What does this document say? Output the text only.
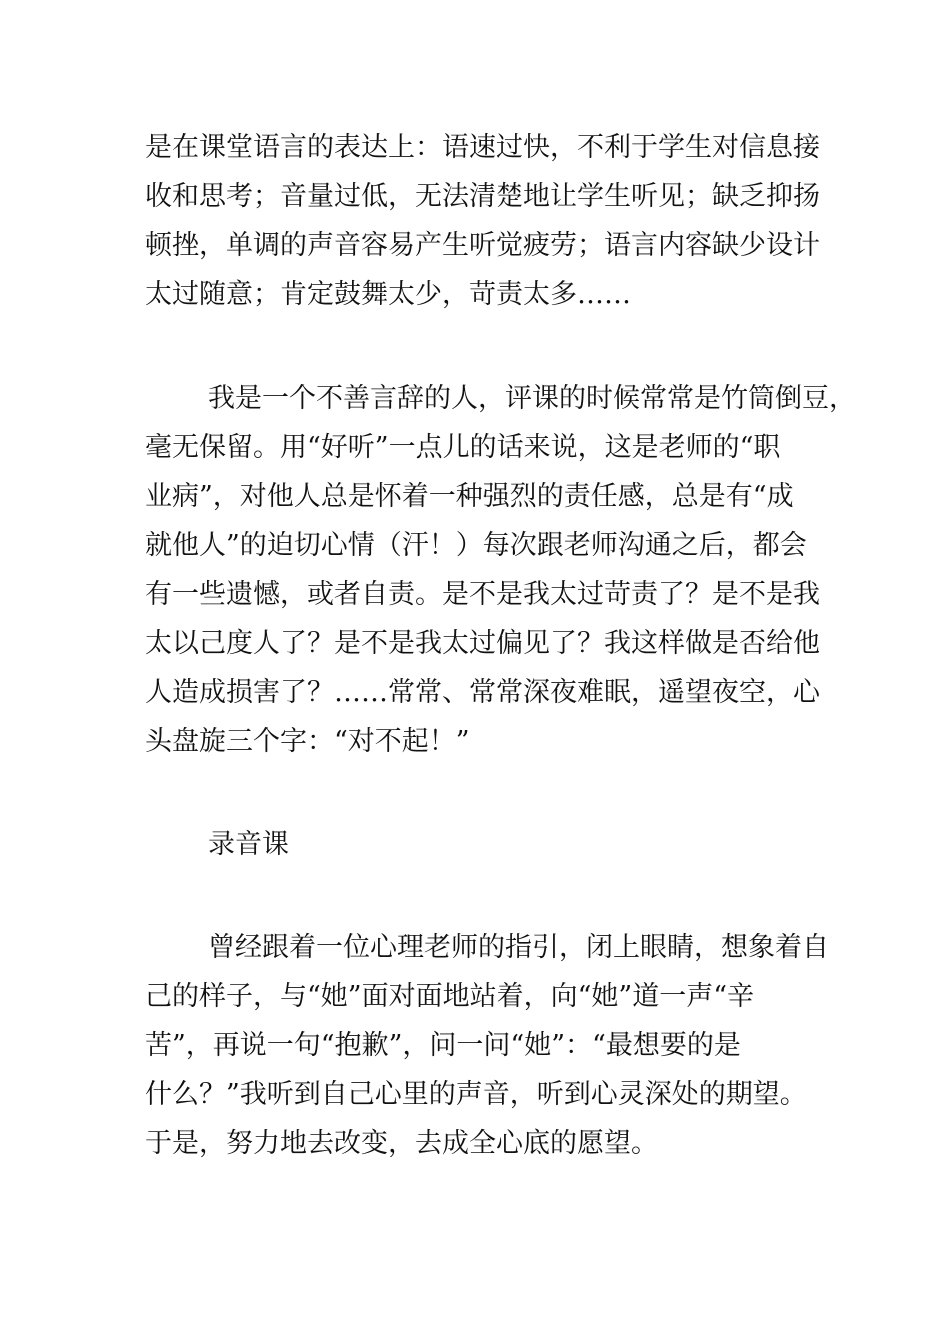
是在课堂语言的表达上：语速过快，不利于学生对信息接
收和思考；音量过低，无法清楚地让学生听见；缺乏抑扬
顿挫，单调的声音容易产生听觉疲劳；语言内容缺少设计
太过随意；肯定鼓舞太少，苛责太多……
我是一个不善言辞的人，评课的时候常常是竹筒倒豆，
毫无保留。用“好听”一点儿的话来说，这是老师的“职
业病”，对他人总是怀着一种强烈的责任感，总是有“成
就他人”的迫切心情（汗！）每次跟老师沟通之后，都会
有一些遗憾，或者自责。是不是我太过苛责了？是不是我
太以己度人了？是不是我太过偏见了？我这样做是否给他
人造成损害了？……常常、常常深夜难眠，遥望夜空，心
头盘旋三个字：“对不起！”
录音课
曾经跟着一位心理老师的指引，闭上眼睛，想象着自
己的样子，与“她”面对面地站着，向“她”道一声“辛
苦”，再说一句“抱歉”，问一问“她”：“最想要的是
什么？”我听到自己心里的声音，听到心灵深处的期望。
于是，努力地去改变，去成全心底的愿望。
